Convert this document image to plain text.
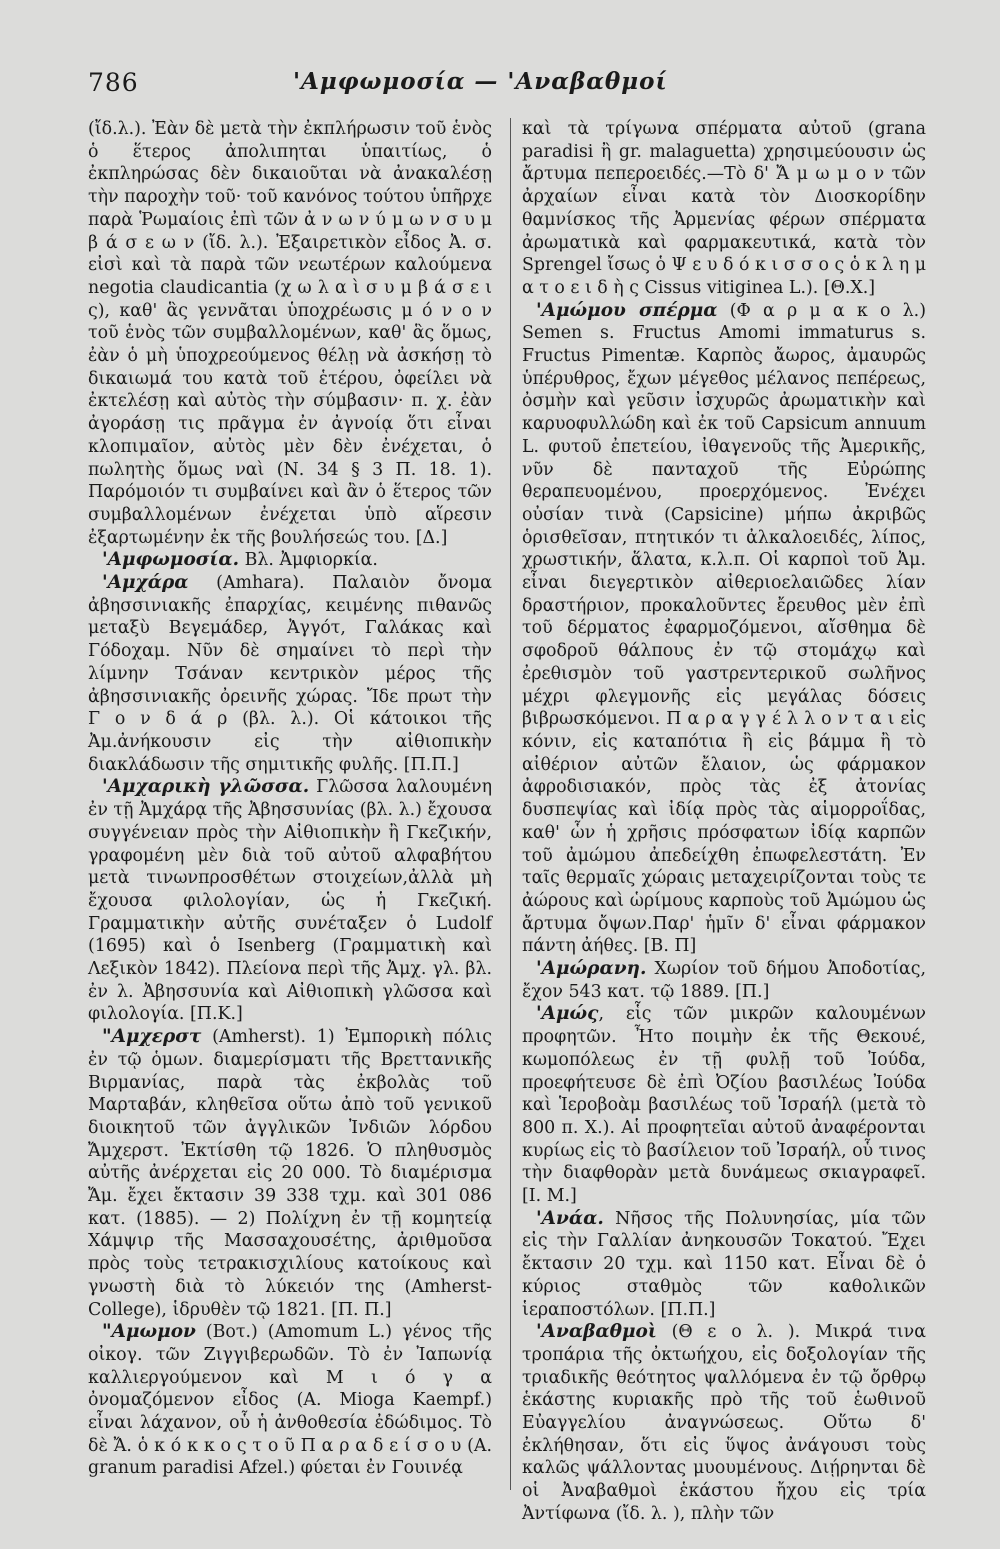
786	'Αμφωμοσία — 'Αναβαθμοί

(ἴδ.λ.). Ἐὰν δὲ μετὰ τὴν ἐκπλήρωσιν τοῦ ἑνὸς ὁ ἕτερος ἀπολιπηται ὑπαιτίως, ὁ ἐκπληρώσας δὲν δικαιοῦται νὰ ἀνακαλέσῃ τὴν παροχὴν τοῦ· τοῦ κανόνος τούτου ὑπῆρχε παρὰ Ῥωμαίοις ἐπὶ τῶν ἀ ν ω ν ύ μ ω ν σ υ μ β ά σ ε ω ν (ἴδ. λ.). Ἐξαιρετικὸν εἶδος Ἀ. σ. εἰσὶ καὶ τὰ παρὰ τῶν νεωτέρων καλούμενα negotia claudicantia (χ ω λ α ὶ σ υ μ β ά σ ε ι ς), καθ' ἃς γεννᾶται ὑποχρέωσις μ ό ν ο ν τοῦ ἑνὸς τῶν συμβαλλομένων, καθ' ἃς ὅμως, ἐὰν ὁ μὴ ὑποχρεούμενος θέλῃ νὰ ἀσκήσῃ τὸ δικαιωμά του κατὰ τοῦ ἑτέρου, ὀφείλει νὰ ἐκτελέσῃ καὶ αὐτὸς τὴν σύμβασιν· π. χ. ἐὰν ἀγοράσῃ τις πρᾶγμα ἐν ἀγνοίᾳ ὅτι εἶναι κλοπιμαῖον, αὐτὸς μὲν δὲν ἐνέχεται, ὁ πωλητὴς ὅμως ναὶ (Ν. 34 § 3 Π. 18. 1). Παρόμοιόν τι συμβαίνει καὶ ἂν ὁ ἕτερος τῶν συμβαλλομένων ἐνέχεται ὑπὸ αἵρεσιν ἐξαρτωμένην ἐκ τῆς βουλήσεώς του. [Δ.]

'Αμφωμοσία. Βλ. Ἀμφιορκία.

'Αμχάρα (Amhara). Παλαιὸν ὄνομα ἀβησσινιακῆς ἐπαρχίας, κειμένης πιθανῶς μεταξὺ Βεγεμάδερ, Ἀγγότ, Γαλάκας καὶ Γόδοχαμ. Νῦν δὲ σημαίνει τὸ περὶ τὴν λίμνην Τσάναν κεντρικὸν μέρος τῆς ἀβησσινιακῆς ὀρεινῆς χώρας. Ἴδε πρωτ τὴν Γ ο ν δ ά ρ (βλ. λ.). Οἱ κάτοικοι τῆς Ἀμ.ἀνήκουσιν εἰς τὴν αἰθιοπικὴν διακλάδωσιν τῆς σημιτικῆς φυλῆς. [Π.Π.]

'Αμχαρικὴ γλῶσσα. Γλῶσσα λαλουμένη ἐν τῇ Ἀμχάρᾳ τῆς Ἀβησσυνίας (βλ. λ.) ἔχουσα συγγένειαν πρὸς τὴν Αἰθιοπικὴν ἢ Γκεζικήν, γραφομένη μὲν διὰ τοῦ αὐτοῦ αλφαβήτου μετὰ τινωνπροσθέτων στοιχείων,ἀλλὰ μὴ ἔχουσα φιλολογίαν, ὡς ἡ Γκεζική. Γραμματικὴν αὐτῆς συνέταξεν ὁ Ludolf (1695) καὶ ὁ Isenberg (Γραμματικὴ καὶ Λεξικὸν 1842). Πλείονα περὶ τῆς Ἀμχ. γλ. βλ. ἐν λ. Ἀβησσυνία καὶ Αἰθιοπικὴ γλῶσσα καὶ φιλολογία. [Π.Κ.]

"Αμχερστ (Amherst). 1) Ἐμπορικὴ πόλις ἐν τῷ ὁμων. διαμερίσματι τῆς Βρεττανικῆς Βιρμανίας, παρὰ τὰς ἐκβολὰς τοῦ Μαρταβάν, κληθεῖσα οὕτω ἀπὸ τοῦ γενικοῦ διοικητοῦ τῶν ἀγγλικῶν Ἰνδιῶν λόρδου Ἄμχερστ. Ἐκτίσθη τῷ 1826. Ὁ πληθυσμὸς αὐτῆς ἀνέρχεται εἰς 20 000. Τὸ διαμέρισμα Ἄμ. ἔχει ἔκτασιν 39 338 τχμ. καὶ 301 086 κατ. (1885). — 2) Πολίχνη ἐν τῇ κομητείᾳ Χάμψιρ τῆς Μασσαχουσέτης, ἀριθμοῦσα πρὸς τοὺς τετρακισχιλίους κατοίκους καὶ γνωστὴ διὰ τὸ λύκειόν της (Amherst-College), ἱδρυθὲν τῷ 1821. [Π. Π.]

"Αμωμον (Βοτ.) (Amomum L.) γένος τῆς οἰκογ. τῶν Ζιγγιβερωδῶν. Τὸ ἐν Ἰαπωνίᾳ καλλιεργούμενον καὶ Μ ι ό γ α ὀνομαζόμενον εἶδος (A. Mioga Kaempf.) εἶναι λάχανον, οὗ ἡ ἀνθοθεσία ἐδώδιμος. Τὸ δὲ Ἄ. ὁ κ ό κ κ ο ς τ ο ῦ Π α ρ α δ ε ί σ ο υ (A. granum paradisi Afzel.) φύεται ἐν Γουινέᾳ

καὶ τὰ τρίγωνα σπέρματα αὐτοῦ (grana paradisi ἢ gr. malaguetta) χρησιμεύουσιν ὡς ἄρτυμα πεπεροειδές.—Τὸ δ' Ἄ μ ω μ ο ν τῶν ἀρχαίων εἶναι κατὰ τὸν Διοσκορίδην θαμνίσκος τῆς Ἀρμενίας φέρων σπέρματα ἀρωματικὰ καὶ φαρμακευτικά, κατὰ τὸν Sprengel ἴσως ὁ Ψ ε υ δ ό κ ι σ σ ο ς ὁ κ λ η μ α τ ο ε ι δ ὴ ς Cissus vitiginea L.). [Θ.Χ.]

'Αμώμου σπέρμα (Φ α ρ μ α κ ο λ.) Semen s. Fructus Amomi immaturus s. Fructus Pimentæ. Καρπὸς ἄωρος, ἀμαυρῶς ὑπέρυθρος, ἔχων μέγεθος μέλανος πεπέρεως, ὀσμὴν καὶ γεῦσιν ἰσχυρῶς ἀρωματικὴν καὶ καρυοφυλλώδη καὶ ἐκ τοῦ Capsicum annuum L. φυτοῦ ἐπετείου, ἰθαγενοῦς τῆς Ἀμερικῆς, νῦν δὲ πανταχοῦ τῆς Εὐρώπης θεραπευομένου, προερχόμενος. Ἐνέχει οὐσίαν τινὰ (Capsicine) μήπω ἀκριβῶς ὁρισθεῖσαν, πτητικόν τι ἀλκαλοειδές, λίπος, χρωστικήν, ἅλατα, κ.λ.π. Οἱ καρποὶ τοῦ Ἀμ. εἶναι διεγερτικὸν αἰθεριοελαιῶδες λίαν δραστήριον, προκαλοῦντες ἔρευθος μὲν ἐπὶ τοῦ δέρματος ἐφαρμοζόμενοι, αἴσθημα δὲ σφοδροῦ θάλπους ἐν τῷ στομάχῳ καὶ ἐρεθισμὸν τοῦ γαστρεντερικοῦ σωλῆνος μέχρι φλεγμονῆς εἰς μεγάλας δόσεις βιβρωσκόμενοι. Π α ρ α γ γ έ λ λ ο ν τ α ι εἰς κόνιν, εἰς καταπότια ἢ εἰς βάμμα ἢ τὸ αἰθέριον αὐτῶν ἔλαιον, ὡς φάρμακον ἀφροδισιακόν, πρὸς τὰς ἐξ ἀτονίας δυσπεψίας καὶ ἰδίᾳ πρὸς τὰς αἱμορροΐδας, καθ' ὧν ἡ χρῆσις πρόσφατων ἰδίᾳ καρπῶν τοῦ ἀμώμου ἀπεδείχθη ἐπωφελεστάτη. Ἐν ταῖς θερμαῖς χώραις μεταχειρίζονται τοὺς τε ἀώρους καὶ ὡρίμους καρποὺς τοῦ Ἀμώμου ὡς ἄρτυμα ὄψων.Παρ' ἡμῖν δ' εἶναι φάρμακον πάντη ἀήθες. [Β. Π]

'Αμώρανη. Χωρίον τοῦ δήμου Ἀποδοτίας, ἔχον 543 κατ. τῷ 1889. [Π.]

'Αμώς, εἷς τῶν μικρῶν καλουμένων προφητῶν. Ἦτο ποιμὴν ἐκ τῆς Θεκουέ, κωμοπόλεως ἐν τῇ φυλῇ τοῦ Ἰούδα, προεφήτευσε δὲ ἐπὶ Ὀζίου βασιλέως Ἰούδα καὶ Ἱεροβοὰμ βασιλέως τοῦ Ἰσραήλ (μετὰ τὸ 800 π. Χ.). Αἱ προφητεῖαι αὐτοῦ ἀναφέρονται κυρίως εἰς τὸ βασίλειον τοῦ Ἰσραήλ, οὗ τινος τὴν διαφθορὰν μετὰ δυνάμεως σκιαγραφεῖ. [Ι. Μ.]

'Ανάα. Νῆσος τῆς Πολυνησίας, μία τῶν εἰς τὴν Γαλλίαν ἀνηκουσῶν Τοκατού. Ἔχει ἔκτασιν 20 τχμ. καὶ 1150 κατ. Εἶναι δὲ ὁ κύριος σταθμὸς τῶν καθολικῶν ἱεραποστόλων. [Π.Π.]

'Αναβαθμοὶ (Θ ε ο λ. ). Μικρά τινα τροπάρια τῆς ὀκτωήχου, εἰς δοξολογίαν τῆς τριαδικῆς θεότητος ψαλλόμενα ἐν τῷ ὄρθρῳ ἑκάστης κυριακῆς πρὸ τῆς τοῦ ἑωθινοῦ Εὐαγγελίου ἀναγνώσεως. Οὕτω δ' ἐκλήθησαν, ὅτι εἰς ὕψος ἀνάγουσι τοὺς καλῶς ψάλλοντας μυουμένους. Διῄρηνται δὲ οἱ Ἀναβαθμοὶ ἑκάστου ἤχου εἰς τρία Ἀντίφωνα (ἴδ. λ. ), πλὴν τῶν
